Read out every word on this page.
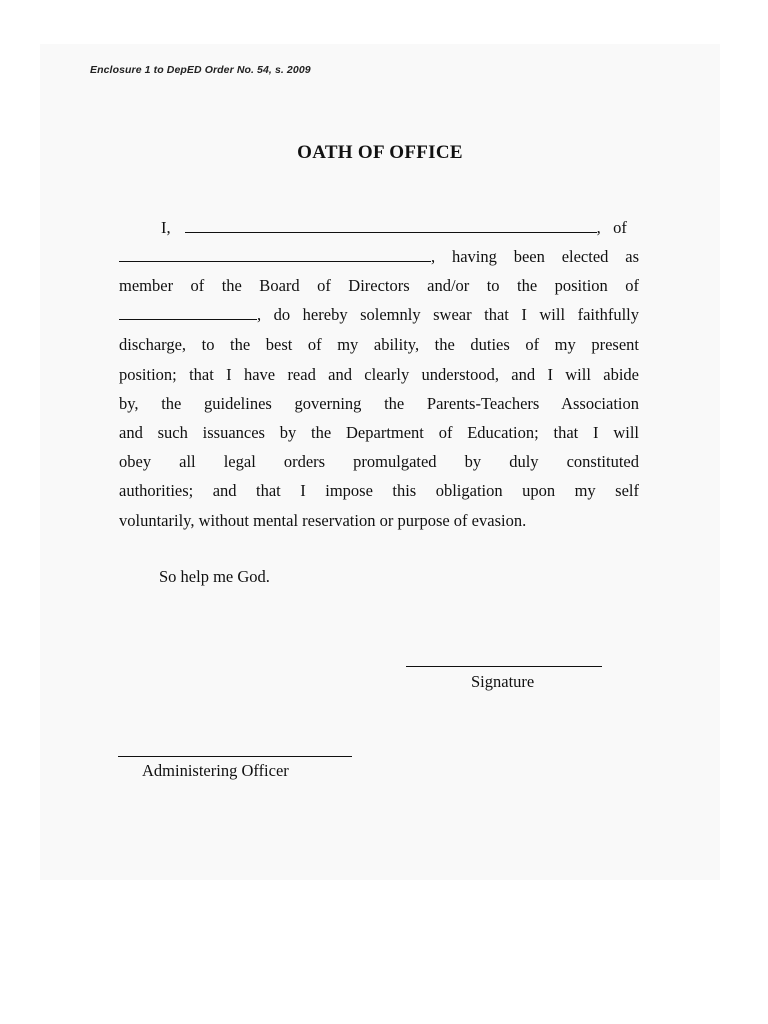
Enclosure 1 to DepED Order No. 54, s. 2009
OATH OF OFFICE
I,	,   of
, having been elected as
member of the Board of Directors and/or to the position of
, do hereby solemnly swear that I will faithfully
discharge, to the best of my ability, the duties of my present
position; that I have read and clearly understood, and I will abide
by, the guidelines governing the Parents-Teachers Association
and such issuances by the Department of Education; that I will
obey all legal orders promulgated by duly constituted
authorities; and that I impose this obligation upon my self
voluntarily, without mental reservation or purpose of evasion.
So help me God.
Signature
Administering Officer
